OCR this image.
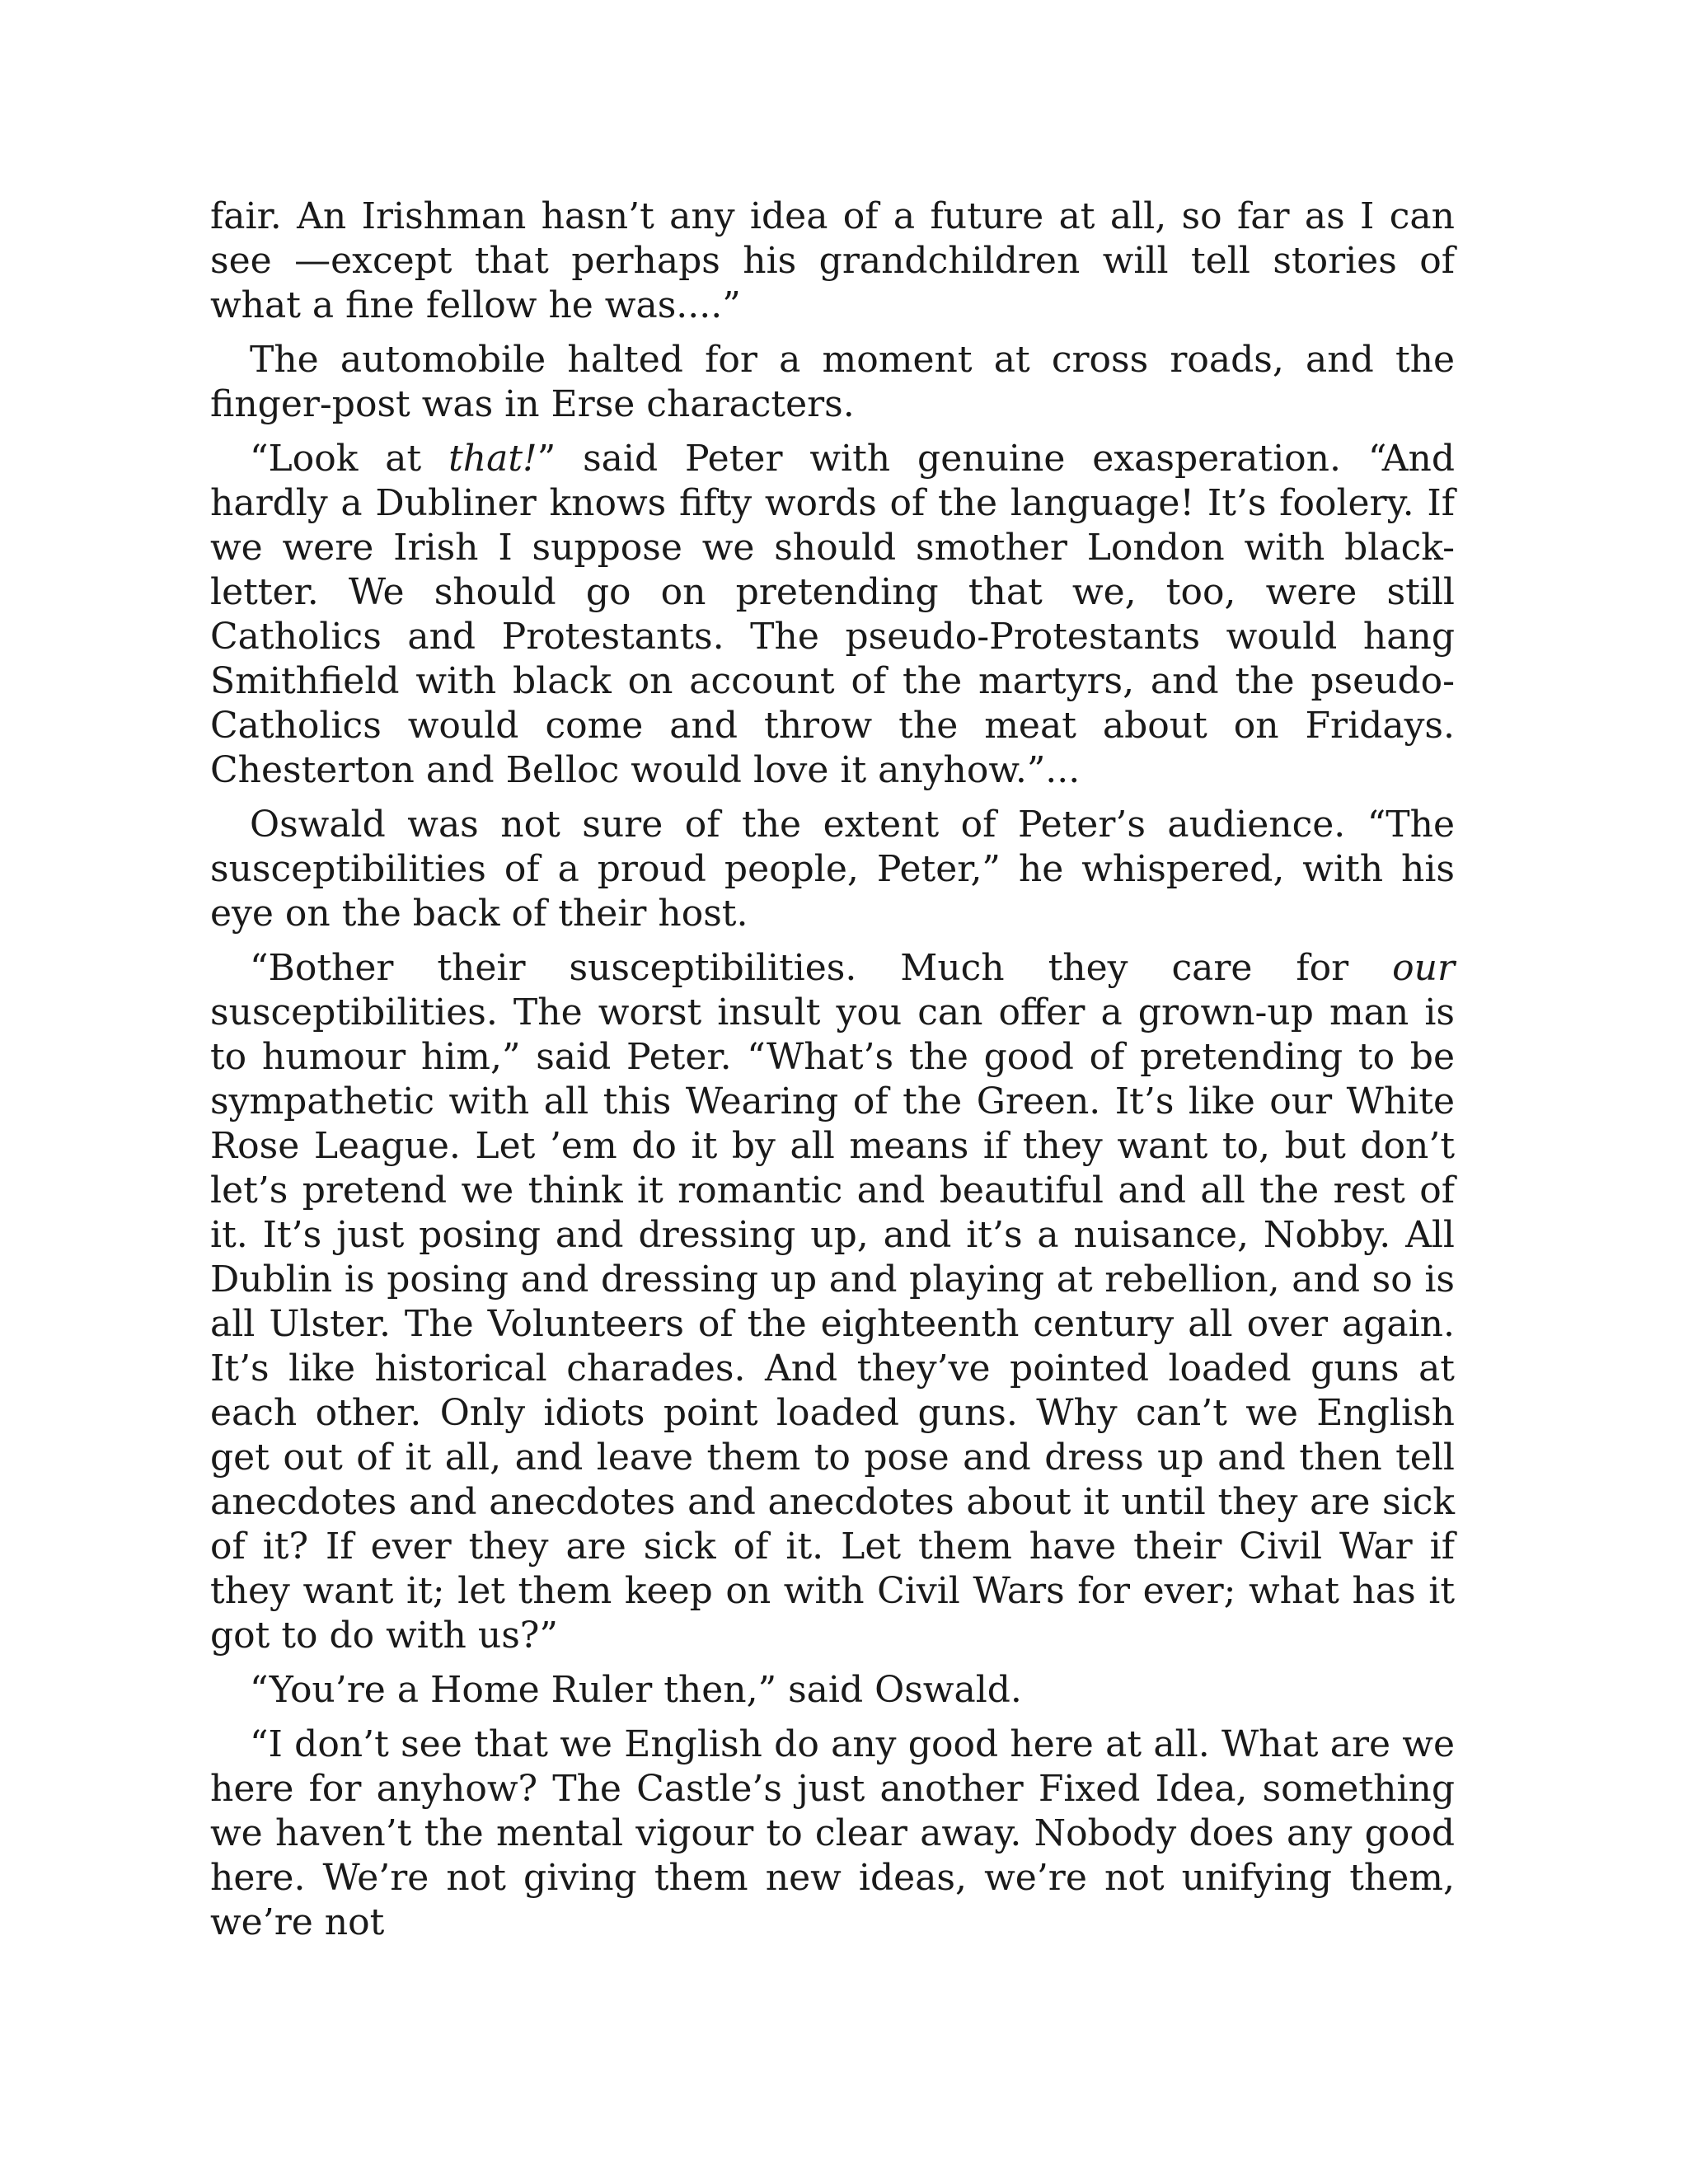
fair. An Irishman hasn’t any idea of a future at all, so far as I can see —except that perhaps his grandchildren will tell stories of what a fine fellow he was....”

The automobile halted for a moment at cross roads, and the finger-post was in Erse characters.

“Look at that!” said Peter with genuine exasperation. “And hardly a Dubliner knows fifty words of the language! It’s foolery. If we were Irish I suppose we should smother London with black-letter. We should go on pretending that we, too, were still Catholics and Protestants. The pseudo-Protestants would hang Smithfield with black on account of the martyrs, and the pseudo-Catholics would come and throw the meat about on Fridays. Chesterton and Belloc would love it anyhow.”...

Oswald was not sure of the extent of Peter’s audience. “The susceptibilities of a proud people, Peter,” he whispered, with his eye on the back of their host.

“Bother their susceptibilities. Much they care for our susceptibilities. The worst insult you can offer a grown-up man is to humour him,” said Peter. “What’s the good of pretending to be sympathetic with all this Wearing of the Green. It’s like our White Rose League. Let ’em do it by all means if they want to, but don’t let’s pretend we think it romantic and beautiful and all the rest of it. It’s just posing and dressing up, and it’s a nuisance, Nobby. All Dublin is posing and dressing up and playing at rebellion, and so is all Ulster. The Volunteers of the eighteenth century all over again. It’s like historical charades. And they’ve pointed loaded guns at each other. Only idiots point loaded guns. Why can’t we English get out of it all, and leave them to pose and dress up and then tell anecdotes and anecdotes and anecdotes about it until they are sick of it? If ever they are sick of it. Let them have their Civil War if they want it; let them keep on with Civil Wars for ever; what has it got to do with us?”

“You’re a Home Ruler then,” said Oswald.

“I don’t see that we English do any good here at all. What are we here for anyhow? The Castle’s just another Fixed Idea, something we haven’t the mental vigour to clear away. Nobody does any good here. We’re not giving them new ideas, we’re not unifying them, we’re not
